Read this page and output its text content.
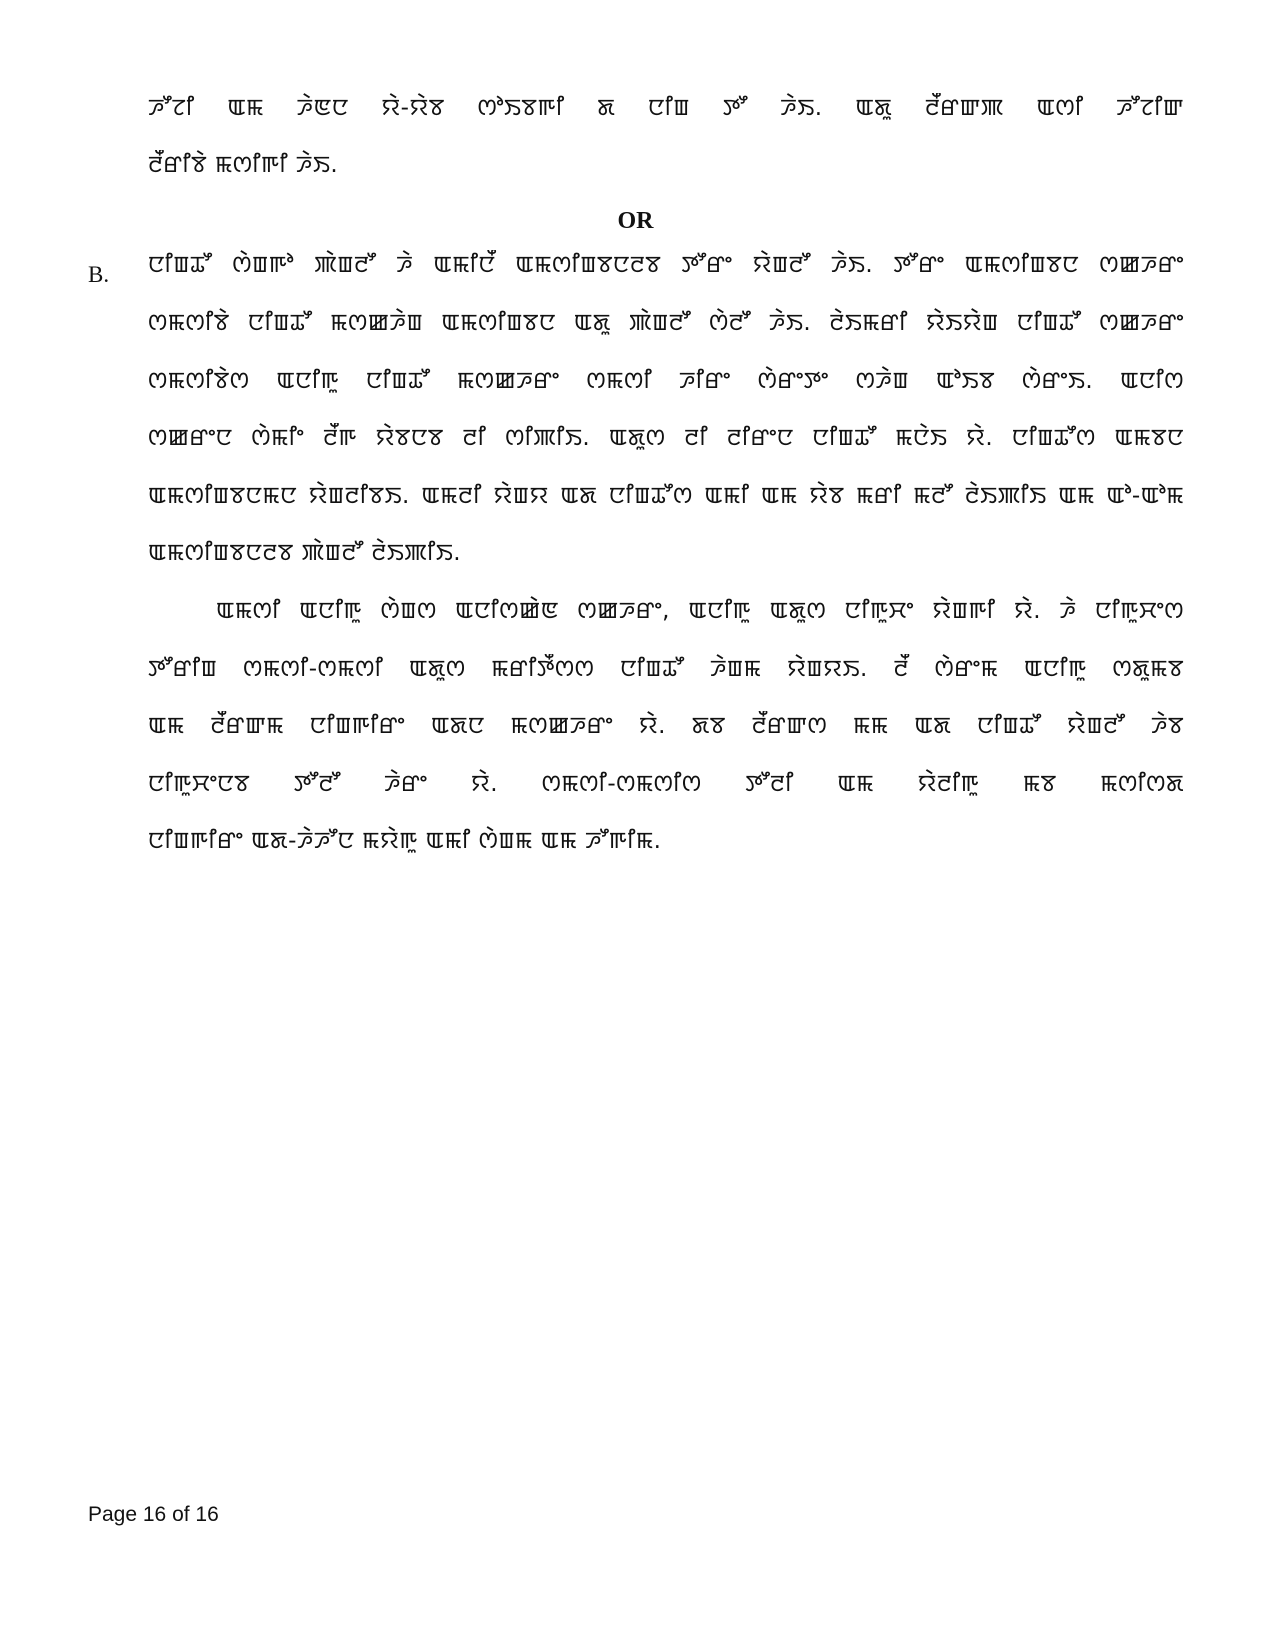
ꯍꯧꯖꯤ ꯑꯃ ꯍꯥꯟꯅ ꯌꯥ-ꯌꯥꯕ ꯁꯣꯏꯕꯒꯤ ꯗ ꯅꯤꯡ ꯇꯧ ꯍꯥꯏ. ꯑꯗꯨ ꯂꯩꯔꯛꯄ ꯑꯁꯤ ꯍꯧꯖꯤꯛ
ꯂꯩꯔꯤꯕꯥ ꯃꯁꯤꯒꯤ ꯍꯥꯏ.
OR
B. ꯅꯤꯡꯊꯧ ꯁꯥꯡꯒꯣ ꯄꯥꯡꯂꯧ ꯍꯥ ꯑꯃꯤꯅꯩ ꯑꯃꯁꯤꯡꯕꯅꯂꯕ ꯇꯧꯔꯦ ꯌꯥꯡꯂꯧ ꯍꯥꯏ. ꯇꯧꯔꯦ ꯑꯃꯁꯤꯡꯕꯅ ꯁꯀꯍꯔꯦ
ꯁꯃꯁꯤꯕꯥ ꯅꯤꯡꯊꯧ ꯃꯁꯀꯍꯥꯡ ꯑꯃꯁꯤꯡꯕꯅ ꯑꯗꯨ ꯄꯥꯡꯂꯧ ꯁꯥꯂꯧ ꯍꯥꯏ. ꯂꯥꯏꯃꯔꯤ ꯌꯥꯏꯌꯥꯡ ꯅꯤꯡꯊꯧ ꯁꯀꯍꯔꯦ
ꯁꯃꯁꯤꯕꯥꯁ ꯑꯅꯤꯒꯨ ꯅꯤꯡꯊꯧ ꯃꯁꯀꯍꯔꯦ ꯁꯃꯁꯤ ꯍꯤꯔꯦ ꯁꯥꯔꯦꯇꯦ ꯁꯍꯥꯡ ꯑꯣꯏꯕ ꯁꯥꯔꯦꯏ. ꯑꯅꯤꯁ
ꯁꯀꯔꯦꯅ ꯁꯥꯃꯤꯦ ꯂꯩꯒ ꯌꯥꯕꯅꯕ ꯂꯤ ꯁꯤꯄꯤꯏ. ꯑꯗꯨꯁ ꯂꯤ ꯂꯤꯔꯦꯅ ꯅꯤꯡꯊꯧ ꯃꯅꯥꯏ ꯌꯥ. ꯅꯤꯡꯊꯧꯁ ꯑꯃꯕꯅ
ꯑꯃꯁꯤꯡꯕꯅꯃꯅ ꯌꯥꯡꯂꯤꯕꯏ. ꯑꯃꯂꯤ ꯌꯥꯡꯌ ꯑꯗ ꯅꯤꯡꯊꯧꯁ ꯑꯃꯤ ꯑꯃ ꯌꯥꯕ ꯃꯔꯤ ꯃꯂꯧ ꯂꯥꯏꯄꯤꯏ ꯑꯃ ꯑꯣ-ꯑꯣꯃ
ꯑꯃꯁꯤꯡꯕꯅꯂꯕ ꯄꯥꯡꯂꯧ ꯂꯥꯏꯄꯤꯏ.
ꯑꯃꯁꯤ ꯑꯅꯤꯒꯨ ꯁꯥꯡꯁ ꯑꯅꯤꯁꯀꯥꯟ ꯁꯀꯍꯔꯦ, ꯑꯅꯤꯒꯨ ꯑꯗꯨꯁ ꯅꯤꯒꯨꯆꯦ ꯌꯥꯡꯒꯤ ꯌꯥ. ꯍꯥ ꯅꯤꯒꯨꯆꯦꯁ
ꯇꯧꯔꯤꯡ ꯁꯃꯁꯤ-ꯁꯃꯁꯤ ꯑꯗꯨꯁ ꯃꯔꯤꯇꯩꯁꯁ ꯅꯤꯡꯊꯧ ꯍꯥꯡꯃ ꯌꯥꯡꯌꯏ. ꯂꯩ ꯁꯥꯔꯦꯃ ꯑꯅꯤꯒꯨ ꯁꯗꯨꯃꯕ
ꯑꯃ ꯂꯩꯔꯛꯃ ꯅꯤꯡꯒꯤꯔꯦ ꯑꯗꯅ ꯃꯁꯀꯍꯔꯦ ꯌꯥ. ꯗꯕ ꯂꯩꯔꯛꯁ ꯃꯃ ꯑꯗ ꯅꯤꯡꯊꯧ ꯌꯥꯡꯂꯧ ꯍꯥꯕ
ꯅꯤꯒꯨꯆꯦꯅꯕ ꯇꯧꯂꯧ ꯍꯥꯔꯦ ꯌꯥ. ꯁꯃꯁꯤ-ꯁꯃꯁꯤꯁ ꯇꯧꯂꯤ ꯑꯃ ꯌꯥꯂꯤꯒꯨ ꯃꯕ ꯃꯁꯤꯁꯗ
ꯅꯤꯡꯒꯤꯔꯦ ꯑꯗ-ꯍꯥꯍꯧꯅ ꯃꯌꯥꯒꯨ ꯑꯃꯤ ꯁꯥꯡꯃ ꯑꯃ ꯍꯧꯒꯤꯃ.
Page 16 of 16
